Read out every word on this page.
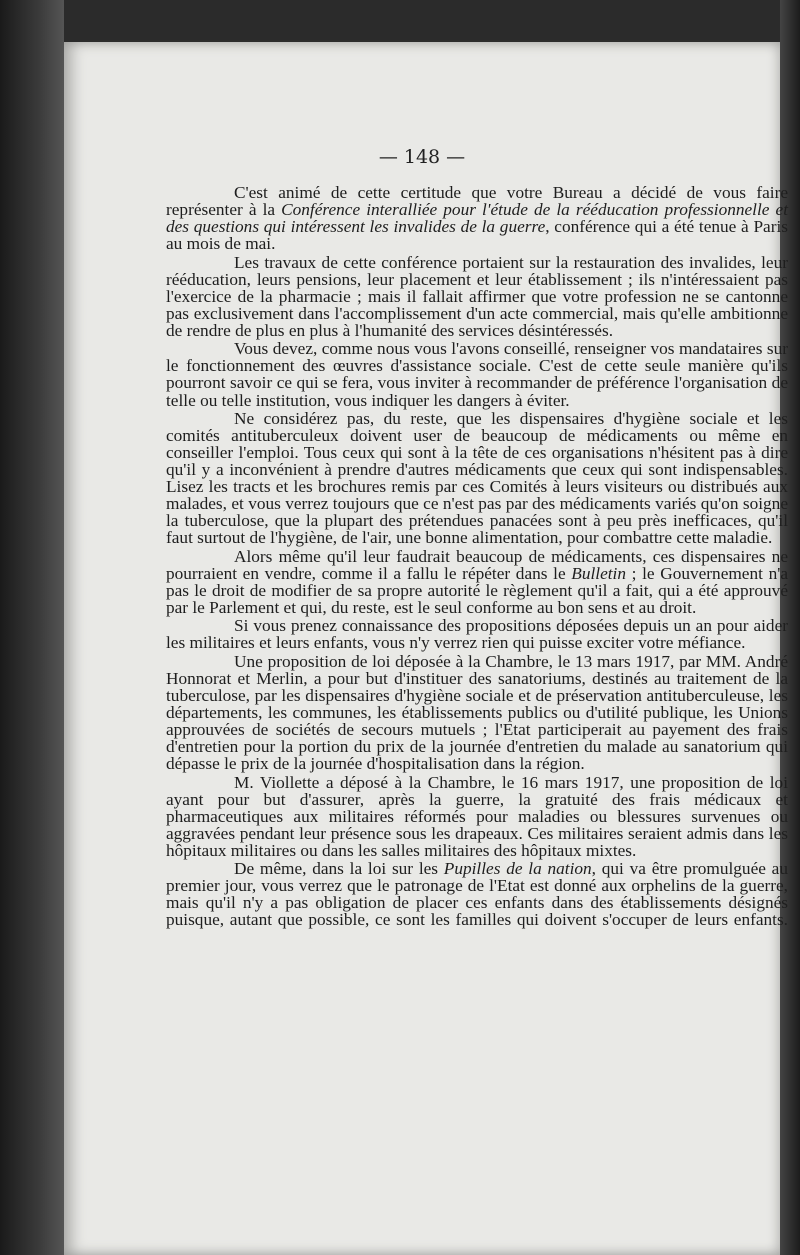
— 148 —

C'est animé de cette certitude que votre Bureau a décidé de vous faire représenter à la Conférence interalliée pour l'étude de la rééducation professionnelle et des questions qui intéressent les invalides de la guerre, conférence qui a été tenue à Paris au mois de mai.

Les travaux de cette conférence portaient sur la restauration des invalides, leur rééducation, leurs pensions, leur placement et leur établissement ; ils n'intéressaient pas l'exercice de la pharmacie ; mais il fallait affirmer que votre profession ne se cantonne pas exclusivement dans l'accomplissement d'un acte commercial, mais qu'elle ambitionne de rendre de plus en plus à l'humanité des services désintéressés.

Vous devez, comme nous vous l'avons conseillé, renseigner vos mandataires sur le fonctionnement des œuvres d'assistance sociale. C'est de cette seule manière qu'ils pourront savoir ce qui se fera, vous inviter à recommander de préférence l'organisation de telle ou telle institution, vous indiquer les dangers à éviter.

Ne considérez pas, du reste, que les dispensaires d'hygiène sociale et les comités antituberculeux doivent user de beaucoup de médicaments ou même en conseiller l'emploi. Tous ceux qui sont à la tête de ces organisations n'hésitent pas à dire qu'il y a inconvénient à prendre d'autres médicaments que ceux qui sont indispensables. Lisez les tracts et les brochures remis par ces Comités à leurs visiteurs ou distribués aux malades, et vous verrez toujours que ce n'est pas par des médicaments variés qu'on soigne la tuberculose, que la plupart des prétendues panacées sont à peu près inefficaces, qu'il faut surtout de l'hygiène, de l'air, une bonne alimentation, pour combattre cette maladie.

Alors même qu'il leur faudrait beaucoup de médicaments, ces dispensaires ne pourraient en vendre, comme il a fallu le répéter dans le Bulletin ; le Gouvernement n'a pas le droit de modifier de sa propre autorité le règlement qu'il a fait, qui a été approuvé par le Parlement et qui, du reste, est le seul conforme au bon sens et au droit.

Si vous prenez connaissance des propositions déposées depuis un an pour aider les militaires et leurs enfants, vous n'y verrez rien qui puisse exciter votre méfiance.

Une proposition de loi déposée à la Chambre, le 13 mars 1917, par MM. André Honnorat et Merlin, a pour but d'instituer des sanatoriums, destinés au traitement de la tuberculose, par les dispensaires d'hygiène sociale et de préservation antituberculeuse, les départements, les communes, les établissements publics ou d'utilité publique, les Unions approuvées de sociétés de secours mutuels ; l'Etat participerait au payement des frais d'entretien pour la portion du prix de la journée d'entretien du malade au sanatorium qui dépasse le prix de la journée d'hospitalisation dans la région.

M. Viollette a déposé à la Chambre, le 16 mars 1917, une proposition de loi ayant pour but d'assurer, après la guerre, la gratuité des frais médicaux et pharmaceutiques aux militaires réformés pour maladies ou blessures survenues ou aggravées pendant leur présence sous les drapeaux. Ces militaires seraient admis dans les hôpitaux militaires ou dans les salles militaires des hôpitaux mixtes.

De même, dans la loi sur les Pupilles de la nation, qui va être promulguée au premier jour, vous verrez que le patronage de l'Etat est donné aux orphelins de la guerre, mais qu'il n'y a pas obligation de placer ces enfants dans des établissements désignés puisque, autant que possible, ce sont les familles qui doivent s'occuper de leurs enfants.
